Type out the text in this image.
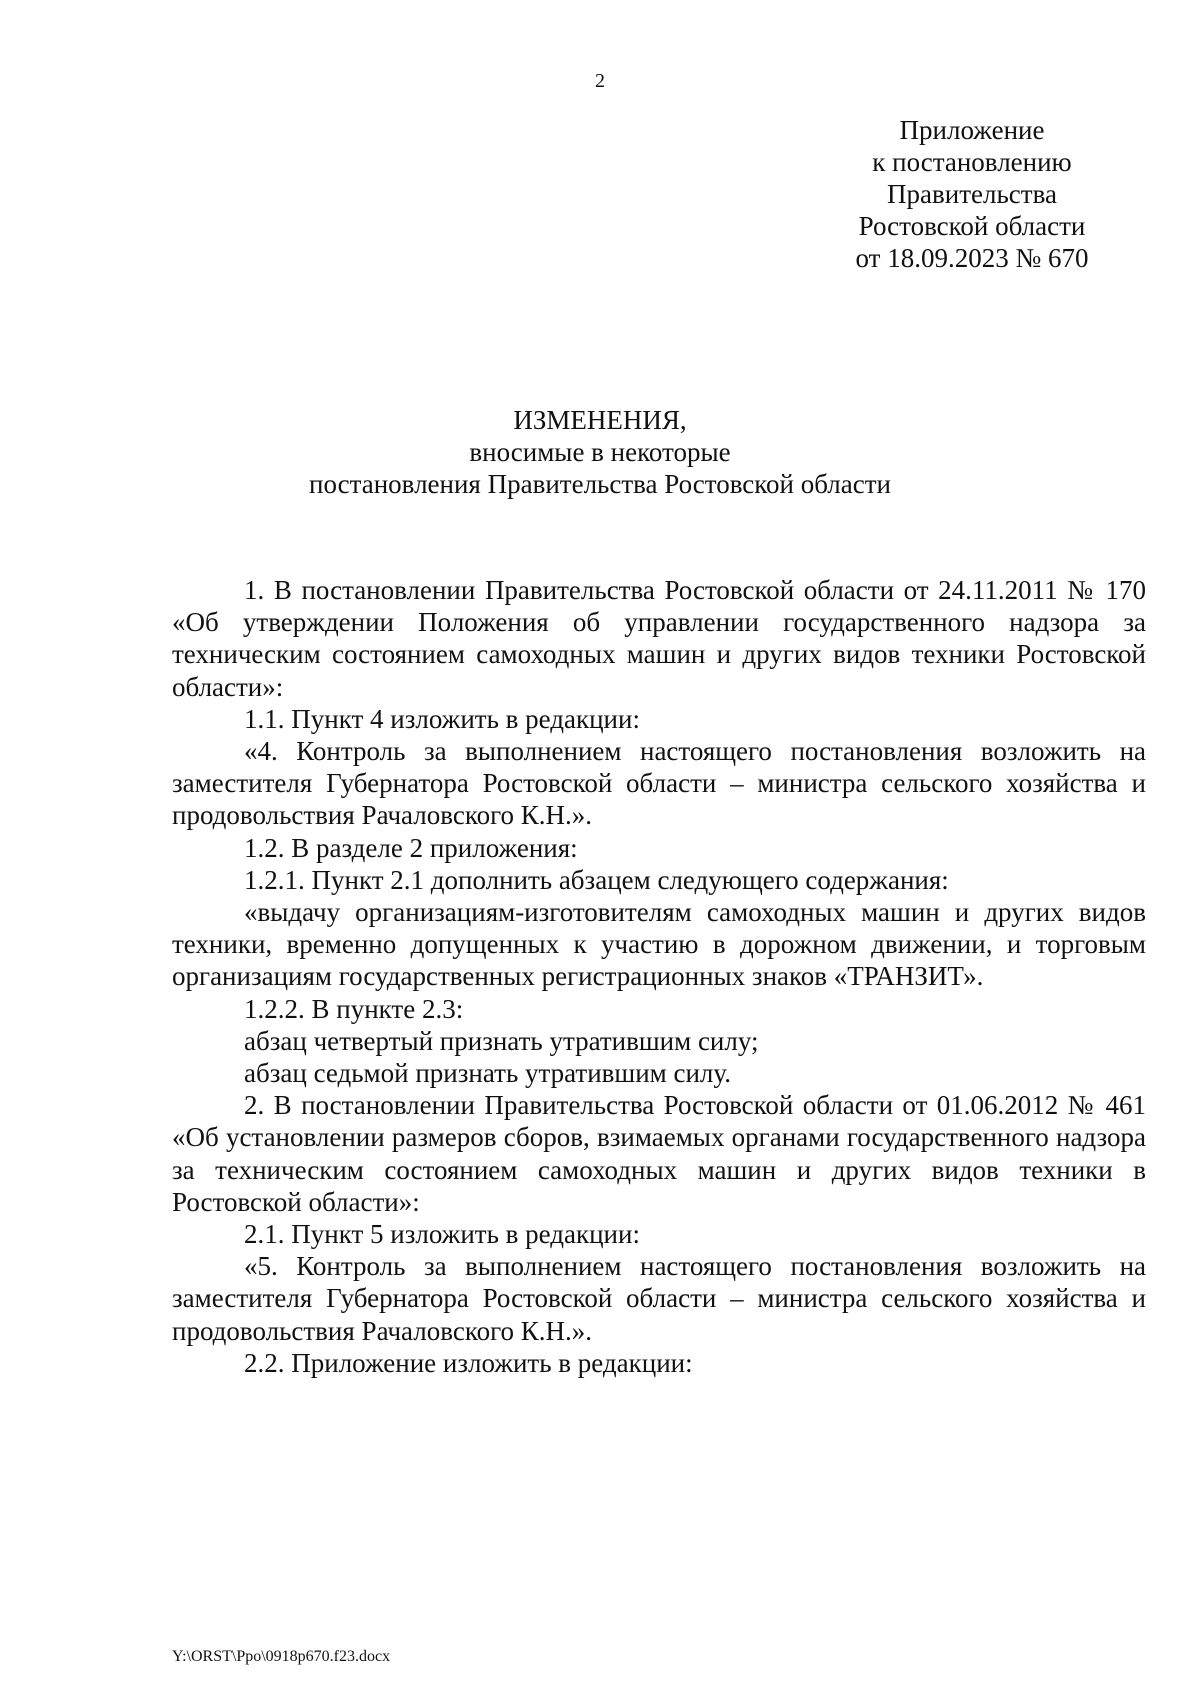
2
Приложение
к постановлению
Правительства
Ростовской области
от 18.09.2023 № 670
ИЗМЕНЕНИЯ,
вносимые в некоторые
постановления Правительства Ростовской области

1. В постановлении Правительства Ростовской области от 24.11.2011 № 170 «Об утверждении Положения об управлении государственного надзора за техническим состоянием самоходных машин и других видов техники Ростовской области»:

1.1. Пункт 4 изложить в редакции:

«4. Контроль за выполнением настоящего постановления возложить на заместителя Губернатора Ростовской области – министра сельского хозяйства и продовольствия Рачаловского К.Н.».

1.2. В разделе 2 приложения:

1.2.1. Пункт 2.1 дополнить абзацем следующего содержания:

«выдачу организациям-изготовителям самоходных машин и других видов техники, временно допущенных к участию в дорожном движении, и торговым организациям государственных регистрационных знаков «ТРАНЗИТ».

1.2.2. В пункте 2.3:

абзац четвертый признать утратившим силу;

абзац седьмой признать утратившим силу.

2. В постановлении Правительства Ростовской области от 01.06.2012 № 461 «Об установлении размеров сборов, взимаемых органами государственного надзора за техническим состоянием самоходных машин и других видов техники в Ростовской области»:

2.1. Пункт 5 изложить в редакции:

«5. Контроль за выполнением настоящего постановления возложить на заместителя Губернатора Ростовской области – министра сельского хозяйства и продовольствия Рачаловского К.Н.».

2.2. Приложение изложить в редакции:

Y:\ORST\Ppo\0918p670.f23.docx
